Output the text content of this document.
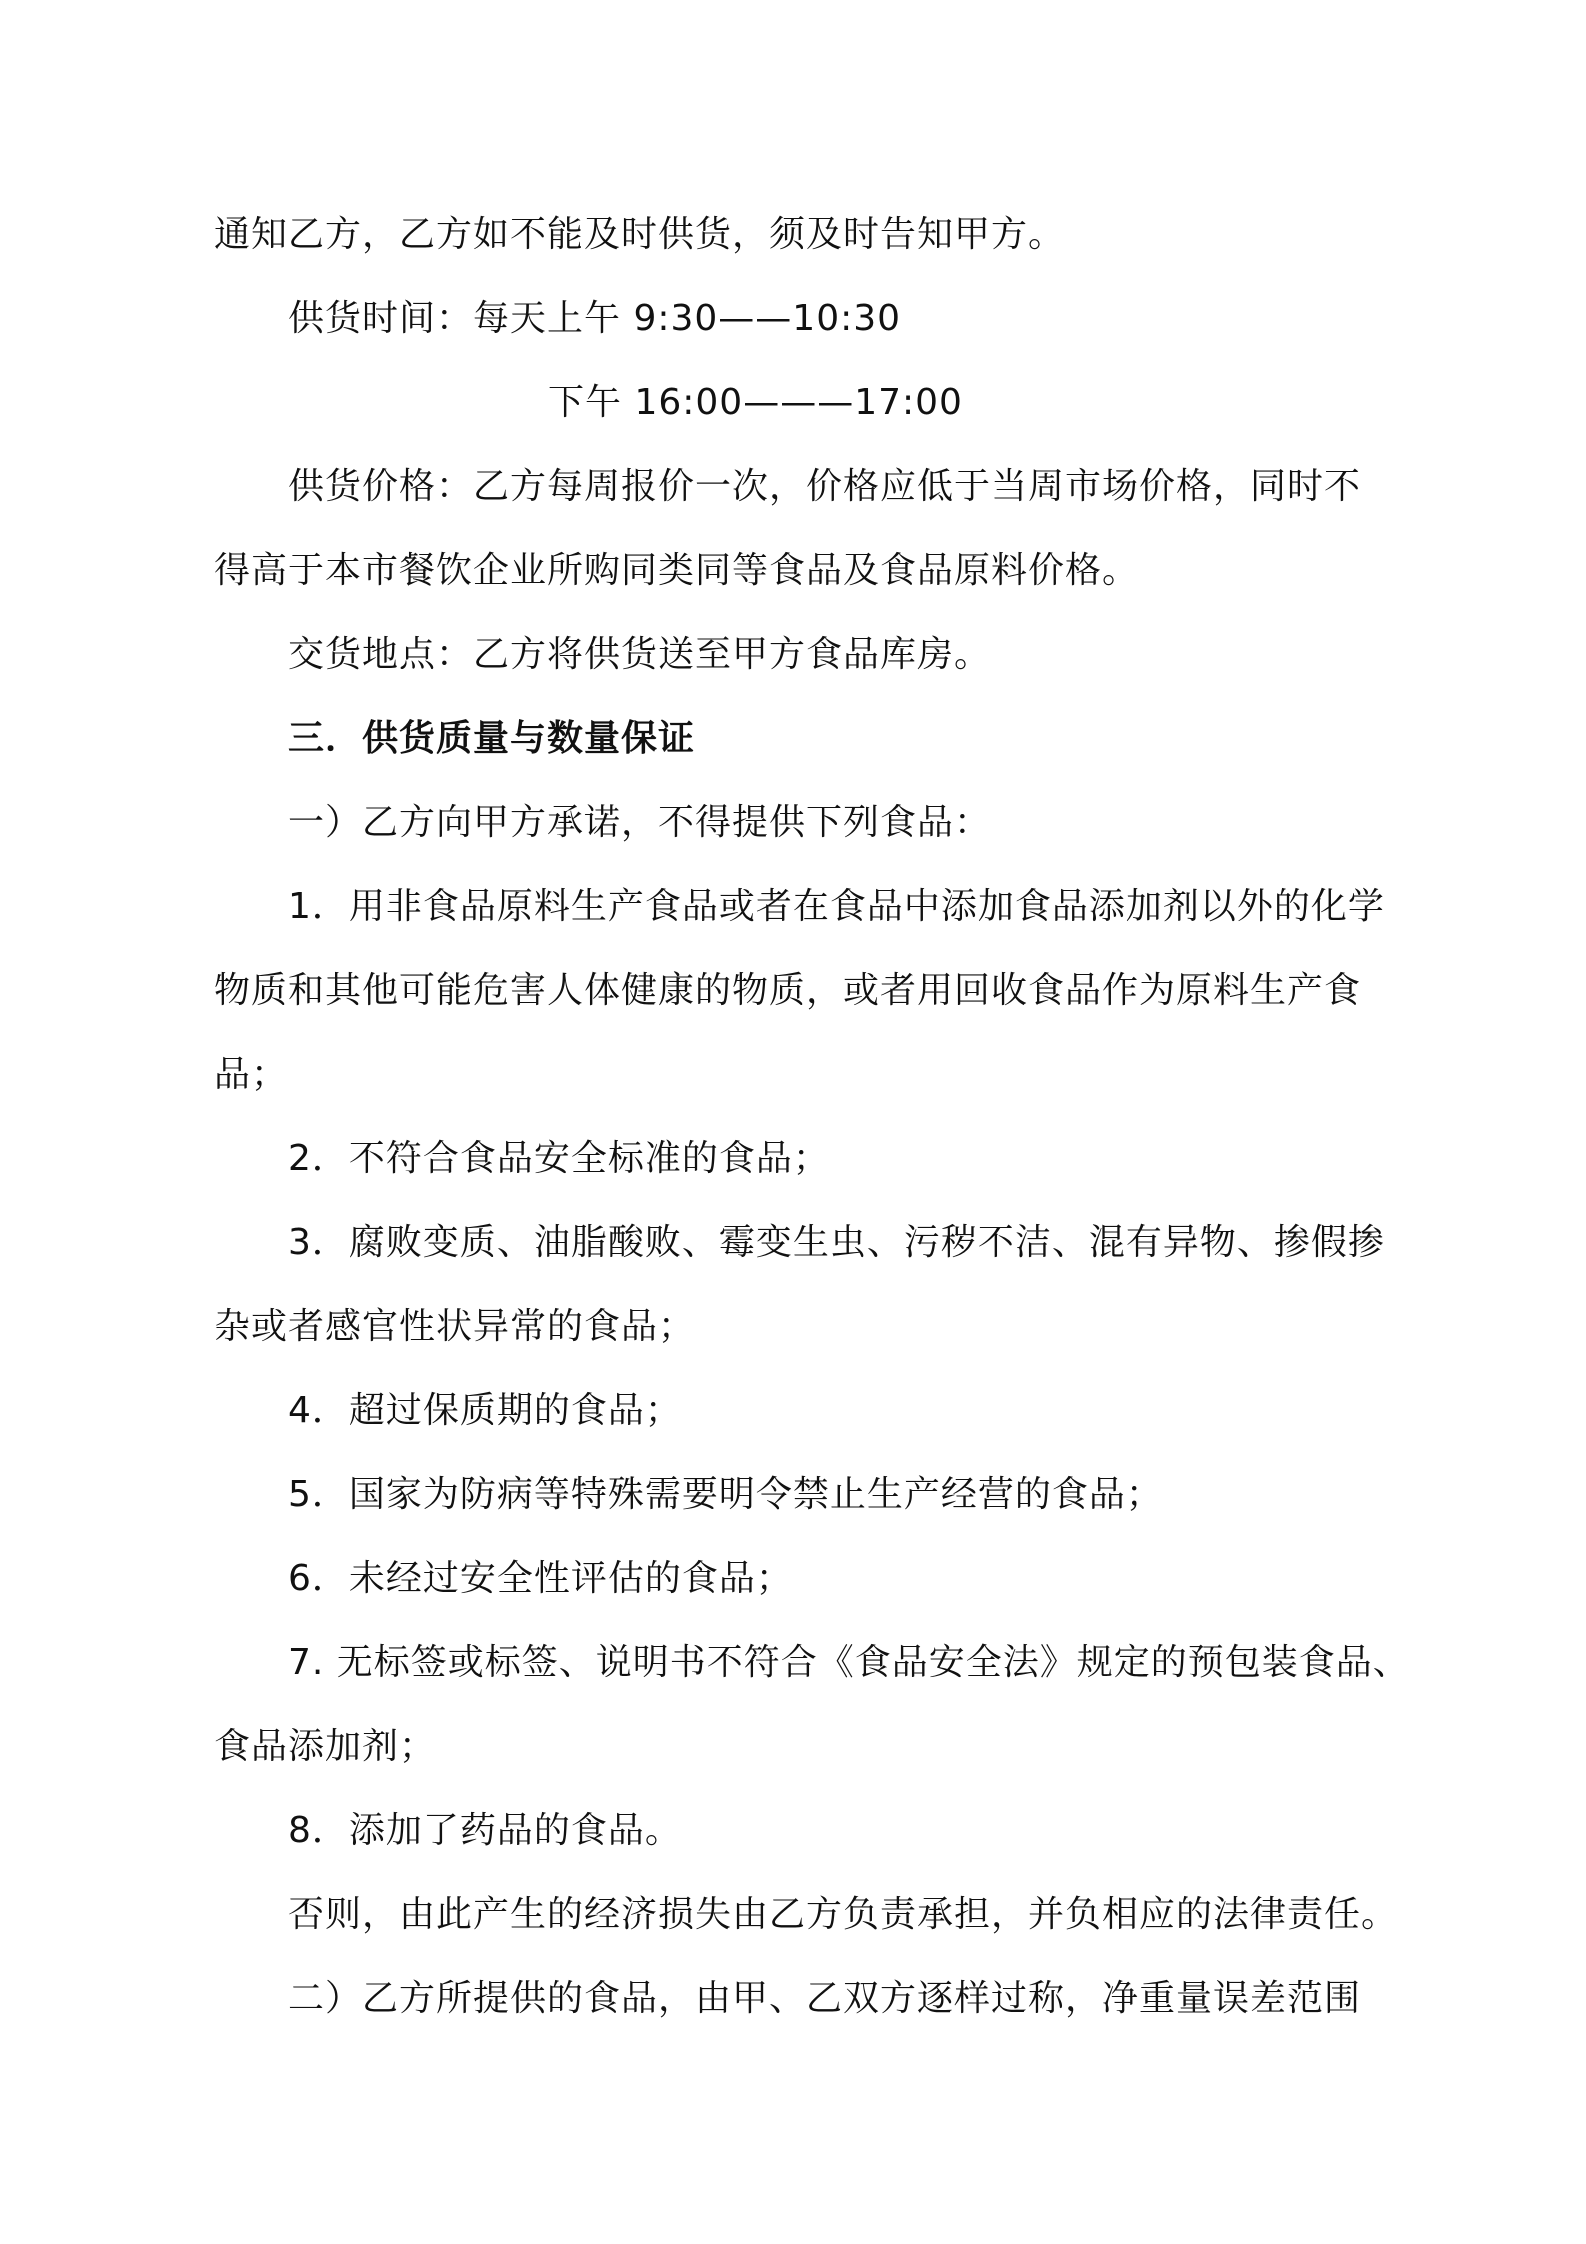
通知乙方，乙方如不能及时供货，须及时告知甲方。
供货时间：每天上午 9:30——10:30
下午 16:00———17:00
供货价格：乙方每周报价一次，价格应低于当周市场价格，同时不
得高于本市餐饮企业所购同类同等食品及食品原料价格。
交货地点：乙方将供货送至甲方食品库房。
三．供货质量与数量保证
一）乙方向甲方承诺，不得提供下列食品：
1．用非食品原料生产食品或者在食品中添加食品添加剂以外的化学
物质和其他可能危害人体健康的物质，或者用回收食品作为原料生产食
品；
2．不符合食品安全标准的食品；
3．腐败变质、油脂酸败、霉变生虫、污秽不洁、混有异物、掺假掺
杂或者感官性状异常的食品；
4．超过保质期的食品；
5．国家为防病等特殊需要明令禁止生产经营的食品；
6．未经过安全性评估的食品；
7. 无标签或标签、说明书不符合《食品安全法》规定的预包装食品、
食品添加剂；
8．添加了药品的食品。
否则，由此产生的经济损失由乙方负责承担，并负相应的法律责任。
二）乙方所提供的食品，由甲、乙双方逐样过称，净重量误差范围
